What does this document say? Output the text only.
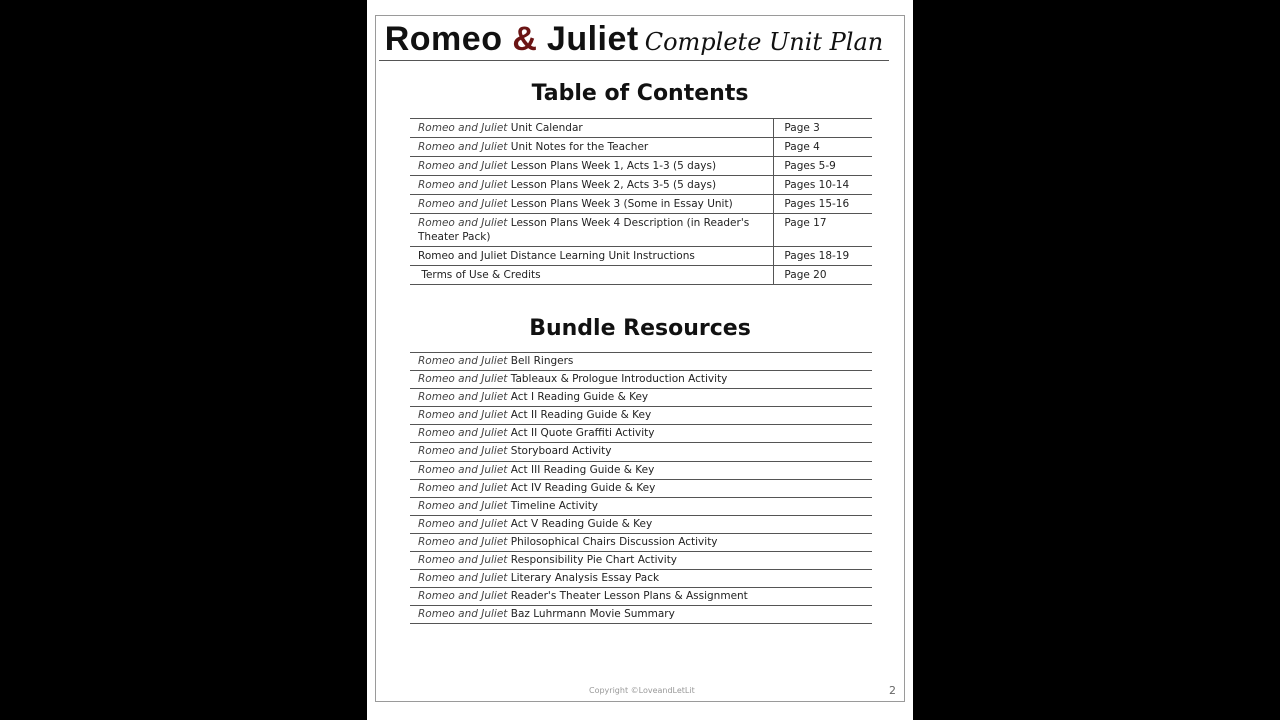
Romeo & Juliet Complete Unit Plan
Table of Contents
Romeo and Juliet Unit Calendar	Page 3
Romeo and Juliet Unit Notes for the Teacher	Page 4
Romeo and Juliet Lesson Plans Week 1, Acts 1-3 (5 days)	Pages 5-9
Romeo and Juliet Lesson Plans Week 2, Acts 3-5 (5 days)	Pages 10-14
Romeo and Juliet Lesson Plans Week 3 (Some in Essay Unit)	Pages 15-16
Romeo and Juliet Lesson Plans Week 4 Description (in Reader's Theater Pack)	Page 17
Romeo and Juliet Distance Learning Unit Instructions	Pages 18-19
Terms of Use & Credits	Page 20
Bundle Resources
Romeo and Juliet Bell Ringers
Romeo and Juliet Tableaux & Prologue Introduction Activity
Romeo and Juliet Act I Reading Guide & Key
Romeo and Juliet Act II Reading Guide & Key
Romeo and Juliet Act II Quote Graffiti Activity
Romeo and Juliet Storyboard Activity
Romeo and Juliet Act III Reading Guide & Key
Romeo and Juliet Act IV Reading Guide & Key
Romeo and Juliet Timeline Activity
Romeo and Juliet Act V Reading Guide & Key
Romeo and Juliet Philosophical Chairs Discussion Activity
Romeo and Juliet Responsibility Pie Chart Activity
Romeo and Juliet Literary Analysis Essay Pack
Romeo and Juliet Reader's Theater Lesson Plans & Assignment
Romeo and Juliet Baz Luhrmann Movie Summary
Copyright ©LoveandLetLit	2
